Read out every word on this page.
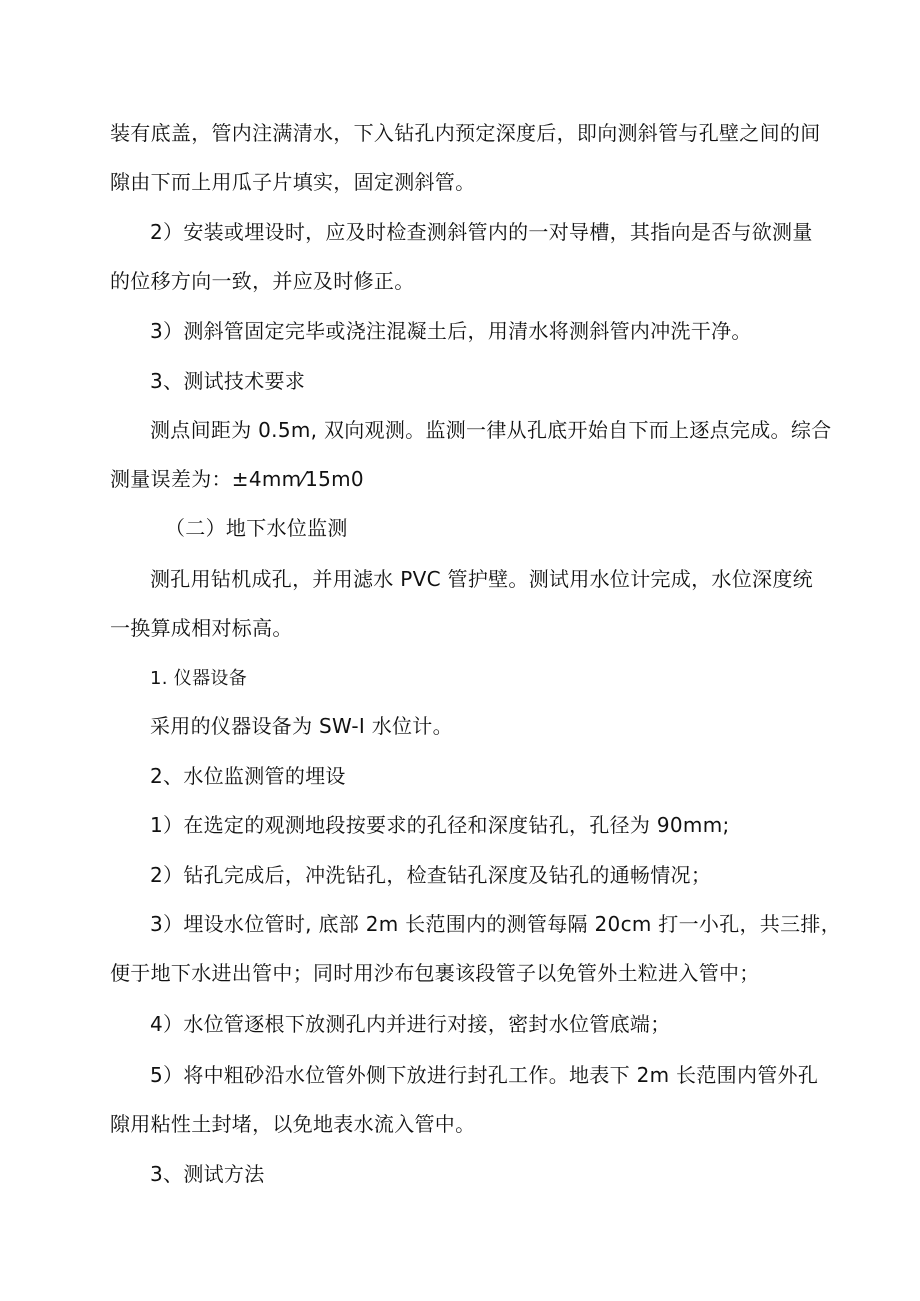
装有底盖，管内注满清水，下入钻孔内预定深度后，即向测斜管与孔壁之间的间
隙由下而上用瓜子片填实，固定测斜管。
2）安装或埋设时，应及时检查测斜管内的一对导槽，其指向是否与欲测量
的位移方向一致，并应及时修正。
3）测斜管固定完毕或浇注混凝土后，用清水将测斜管内冲洗干净。
3、测试技术要求
测点间距为 0.5m, 双向观测。监测一律从孔底开始自下而上逐点完成。综合
测量误差为：±4mm⁄15m0
（二）地下水位监测
测孔用钻机成孔，并用滤水 PVC 管护壁。测试用水位计完成，水位深度统
一换算成相对标高。
1. 仪器设备
采用的仪器设备为 SW-I 水位计。
2、水位监测管的埋设
1）在选定的观测地段按要求的孔径和深度钻孔，孔径为 90mm;
2）钻孔完成后，冲洗钻孔，检查钻孔深度及钻孔的通畅情况；
3）埋设水位管时, 底部 2m 长范围内的测管每隔 20cm 打一小孔，共三排，
便于地下水进出管中；同时用沙布包裹该段管子以免管外土粒进入管中；
4）水位管逐根下放测孔内并进行对接，密封水位管底端；
5）将中粗砂沿水位管外侧下放进行封孔工作。地表下 2m 长范围内管外孔
隙用粘性土封堵，以免地表水流入管中。
3、测试方法
